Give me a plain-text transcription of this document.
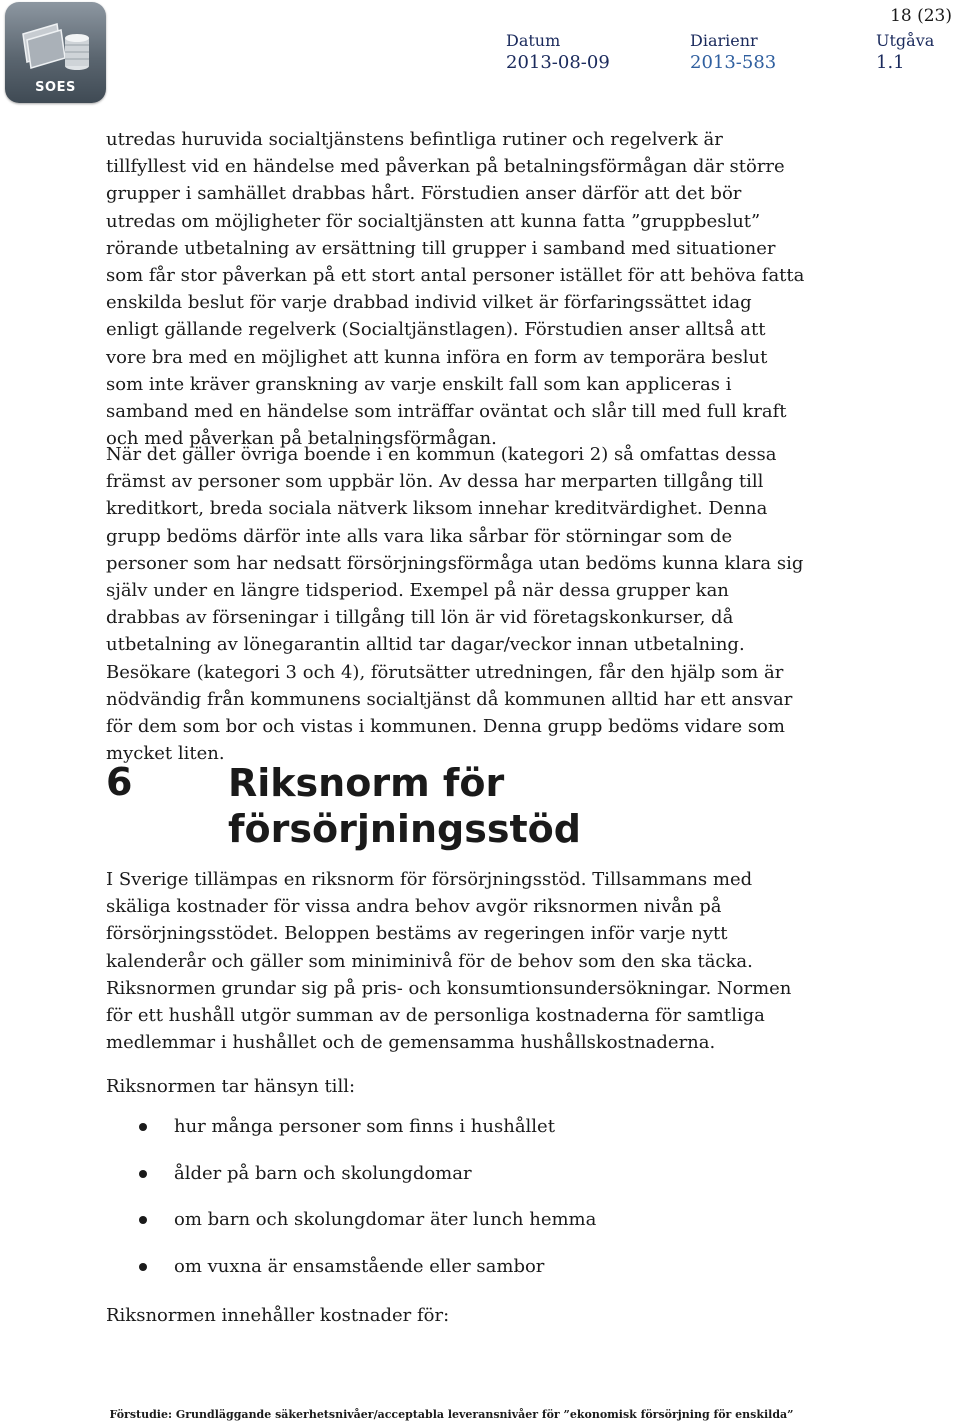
SOES
18 (23)
Datum
2013-08-09
Diarienr
2013-583
Utgåva
1.1
utredas huruvida socialtjänstens befintliga rutiner och regelverk är tillfyllest vid en händelse med påverkan på betalningsförmågan där större grupper i samhället drabbas hårt. Förstudien anser därför att det bör utredas om möjligheter för socialtjänsten att kunna fatta ”gruppbeslut” rörande utbetalning av ersättning till grupper i samband med situationer som får stor påverkan på ett stort antal personer istället för att behöva fatta enskilda beslut för varje drabbad individ vilket är förfaringssättet idag enligt gällande regelverk (Socialtjänstlagen). Förstudien anser alltså att vore bra med en möjlighet att kunna införa en form av temporära beslut som inte kräver granskning av varje enskilt fall som kan appliceras i samband med en händelse som inträffar oväntat och slår till med full kraft och med påverkan på betalningsförmågan.
När det gäller övriga boende i en kommun (kategori 2) så omfattas dessa främst av personer som uppbär lön. Av dessa har merparten tillgång till kreditkort, breda sociala nätverk liksom innehar kreditvärdighet. Denna grupp bedöms därför inte alls vara lika sårbar för störningar som de personer som har nedsatt försörjningsförmåga utan bedöms kunna klara sig själv under en längre tidsperiod. Exempel på när dessa grupper kan drabbas av förseningar i tillgång till lön är vid företagskonkurser, då utbetalning av lönegarantin alltid tar dagar/veckor innan utbetalning. Besökare (kategori 3 och 4), förutsätter utredningen, får den hjälp som är nödvändig från kommunens socialtjänst då kommunen alltid har ett ansvar för dem som bor och vistas i kommunen. Denna grupp bedöms vidare som mycket liten.
6	Riksnorm för försörjningsstöd
I Sverige tillämpas en riksnorm för försörjningsstöd. Tillsammans med skäliga kostnader för vissa andra behov avgör riksnormen nivån på försörjningsstödet. Beloppen bestäms av regeringen inför varje nytt kalenderår och gäller som miniminivå för de behov som den ska täcka. Riksnormen grundar sig på pris- och konsumtionsundersökningar. Normen för ett hushåll utgör summan av de personliga kostnaderna för samtliga medlemmar i hushållet och de gemensamma hushållskostnaderna.
Riksnormen tar hänsyn till:
hur många personer som finns i hushållet
ålder på barn och skolungdomar
om barn och skolungdomar äter lunch hemma
om vuxna är ensamstående eller sambor
Riksnormen innehåller kostnader för:
Förstudie: Grundläggande säkerhetsnivåer/acceptabla leveransnivåer för ”ekonomisk försörjning för enskilda”
